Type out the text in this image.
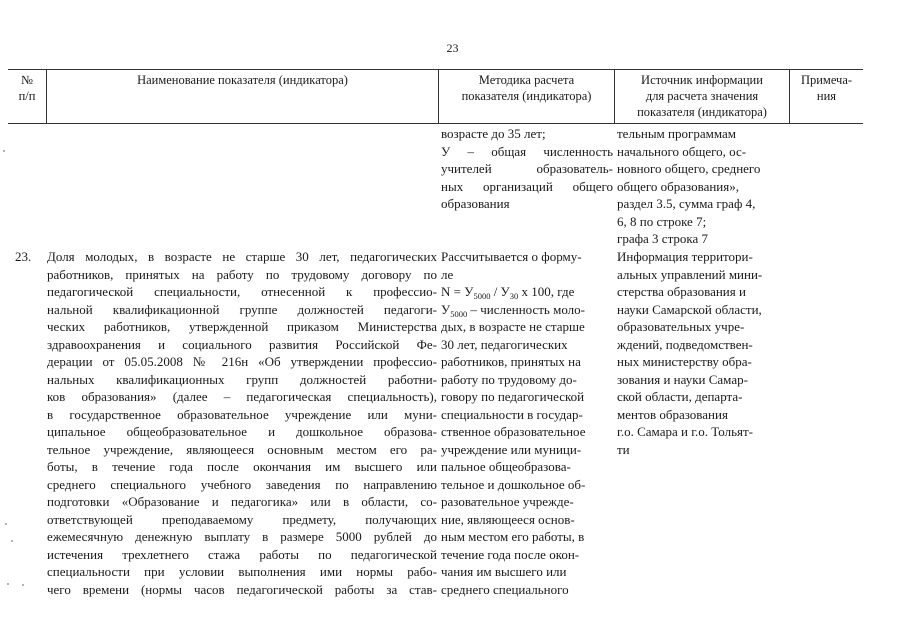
23
№
п/п
Наименование показателя (индикатора)	Методика расчета
показателя (индикатора)
Источник информации
для расчета значения
показателя (индикатора)
Примеча-
ния
возрасте до 35 лет;
У  –  общая  численность
учителей    образователь-
ных организаций общего
образования
тельным программам
начального общего, ос-
новного общего, среднего
общего образования»,
раздел 3.5, сумма граф 4,
6, 8 по строке 7;
графа 3 строка 7
23. Доля молодых, в возрасте не старше 30 лет, педагогических
работников, принятых на работу по трудовому договору по
педагогической специальности, отнесенной к профессио-
нальной квалификационной группе должностей педагоги-
ческих работников, утвержденной приказом Министерства
здравоохранения и социального развития Российской Фе-
дерации от 05.05.2008 № 216н «Об утверждении профессио-
нальных квалификационных групп должностей работни-
ков образования» (далее – педагогическая специальность),
в государственное образовательное учреждение или муни-
ципальное общеобразовательное и дошкольное образова-
тельное учреждение, являющееся основным местом его ра-
боты, в течение года после окончания им высшего или
среднего специального учебного заведения по направлению
подготовки «Образование и педагогика» или в области, со-
ответствующей преподаваемому предмету, получающих
ежемесячную денежную выплату в размере 5000 рублей до
истечения трехлетнего стажа работы по педагогической
специальности при условии выполнения ими нормы рабо-
чего времени (нормы часов педагогической работы за став-
Рассчитывается о форму-
ле
$N = У_{5000} / У_{30}$ х 100, где
$У_{5000}$ – численность моло-
дых, в возрасте не старше
30 лет, педагогических
работников, принятых на
работу по трудовому до-
говору по педагогической
специальности в государ-
ственное образовательное
учреждение или муници-
пальное общеобразова-
тельное и дошкольное об-
разовательное учрежде-
ние, являющееся основ-
ным местом его работы, в
течение года после окон-
чания им высшего или
среднего специального
Информация территори-
альных управлений мини-
стерства образования и
науки Самарской области,
образовательных учре-
ждений, подведомствен-
ных министерству обра-
зования и науки Самар-
ской области, департа-
ментов образования
г.о. Самара и г.о. Тольят-
ти
